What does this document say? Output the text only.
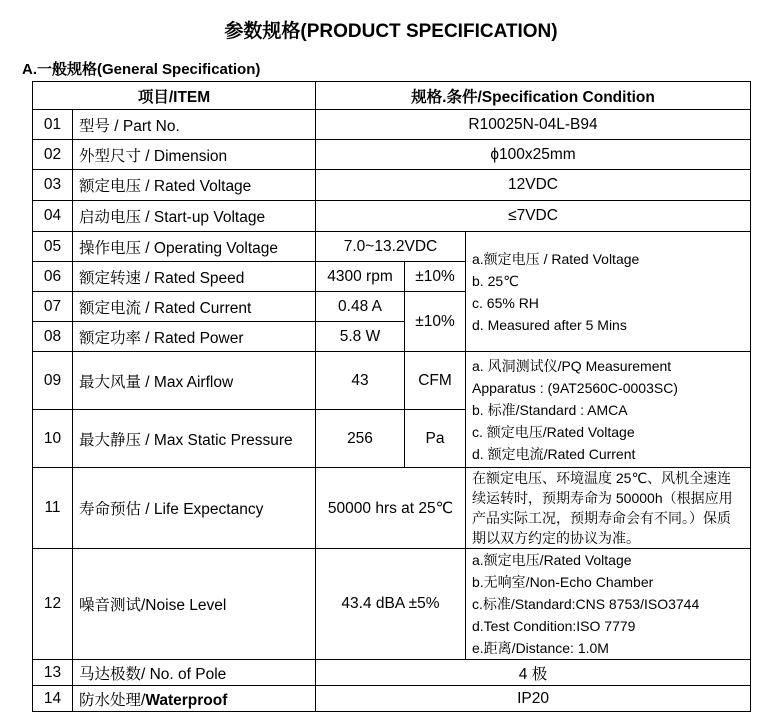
参数规格(PRODUCT SPECIFICATION)
A.一般规格(General Specification)
项目/ITEM		规格.条件/Specification Condition		
01	型号 / Part No.	R10025N-04L-B94		
02	外型尺寸 / Dimension	ϕ100x25mm		
03	额定电压 / Rated Voltage	12VDC		
04	启动电压 / Start-up Voltage	≤7VDC		
05	操作电压 / Operating Voltage	7.0~13.2VDC		a.额定电压 / Rated Voltage
b. 25℃
c. 65% RH
d. Measured after 5 Mins

06	额定转速 / Rated Speed	4300 rpm	±10%	
07	额定电流 / Rated Current	0.48 A	±10%	
08	额定功率 / Rated Power	5.8 W		
09	最大风量 / Max Airflow	43	CFM	a. 风洞测试仪/PQ Measurement
Apparatus : (9AT2560C-0003SC)
b. 标准/Standard : AMCA
c. 额定电压/Rated Voltage
d. 额定电流/Rated Current

10	最大静压 / Max Static Pressure	256	Pa	
11	寿命预估 / Life Expectancy	50000 hrs at 25℃		在额定电压、环境温度 25℃、风机全速连续运转时，预期寿命为 50000h（根据应用产品实际工况，预期寿命会有不同。）保质期以双方约定的协议为准。
12	噪音测试/Noise Level	43.4 dBA ±5%		a.额定电压/Rated Voltage
b.无响室/Non-Echo Chamber
c.标准/Standard:CNS 8753/ISO3744
d.Test Condition:ISO 7779
e.距离/Distance: 1.0M

13	马达极数/ No. of Pole	4 极		
14	防水处理/Waterproof	IP20		
